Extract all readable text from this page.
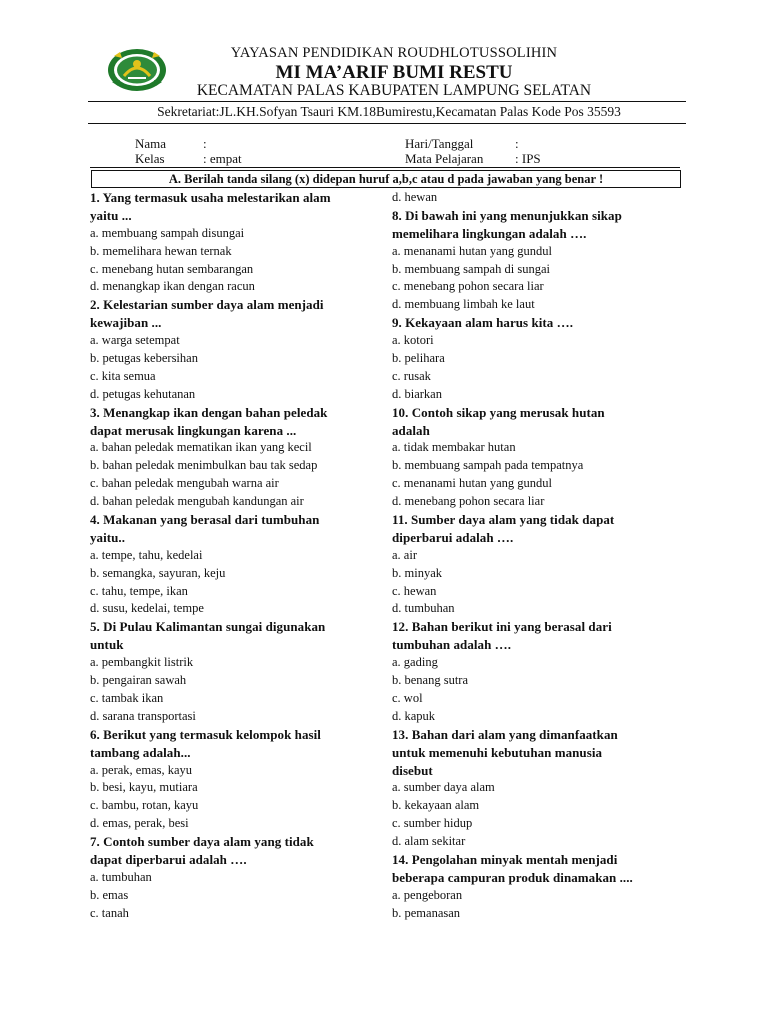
YAYASAN PENDIDIKAN ROUDHLOTUSSOLIHIN
MI MA’ARIF BUMI RESTU
KECAMATAN PALAS KABUPATEN LAMPUNG SELATAN
Sekretariat:JL.KH.Sofyan Tsauri KM.18Bumirestu,Kecamatan Palas Kode Pos 35593
Nama	:
Kelas	: empat
Hari/Tanggal	:
Mata Pelajaran : IPS
A. Berilah tanda silang (x) didepan huruf a,b,c atau d pada jawaban yang benar !
1. Yang termasuk usaha melestarikan alam
yaitu ...
a. membuang sampah disungai
b. memelihara hewan ternak
c. menebang hutan sembarangan
d. menangkap ikan dengan racun
2. Kelestarian sumber daya alam menjadi
kewajiban ...
a. warga setempat
b. petugas kebersihan
c. kita semua
d. petugas kehutanan
3. Menangkap ikan dengan bahan peledak
dapat merusak lingkungan karena ...
a. bahan peledak mematikan ikan yang kecil
b. bahan peledak menimbulkan bau tak sedap
c. bahan peledak mengubah warna air
d. bahan peledak mengubah kandungan air
4. Makanan yang berasal dari tumbuhan
yaitu..
a. tempe, tahu, kedelai
b. semangka, sayuran, keju
c. tahu, tempe, ikan
d. susu, kedelai, tempe
5. Di Pulau Kalimantan sungai digunakan
untuk
a. pembangkit listrik
b. pengairan sawah
c. tambak ikan
d. sarana transportasi
6. Berikut yang termasuk kelompok hasil
tambang adalah...
a. perak, emas, kayu
b. besi, kayu, mutiara
c. bambu, rotan, kayu
d. emas, perak, besi
7. Contoh sumber daya alam yang tidak
dapat diperbarui adalah ….
a. tumbuhan
b. emas
c. tanah
d. hewan
8. Di bawah ini yang menunjukkan sikap
memelihara lingkungan adalah ….
a. menanami hutan yang gundul
b. membuang sampah di sungai
c. menebang pohon secara liar
d. membuang limbah ke laut
9. Kekayaan alam harus kita ….
a. kotori
b. pelihara
c. rusak
d. biarkan
10. Contoh sikap yang merusak hutan
adalah
a. tidak membakar hutan
b. membuang sampah pada tempatnya
c. menanami hutan yang gundul
d. menebang pohon secara liar
11. Sumber daya alam yang tidak dapat
diperbarui adalah ….
a. air
b. minyak
c. hewan
d. tumbuhan
12. Bahan berikut ini yang berasal dari
tumbuhan adalah ….
a. gading
b. benang sutra
c. wol
d. kapuk
13. Bahan dari alam yang dimanfaatkan
untuk memenuhi kebutuhan manusia
disebut
a. sumber daya alam
b. kekayaan alam
c. sumber hidup
d. alam sekitar
14. Pengolahan minyak mentah menjadi
beberapa campuran produk dinamakan ....
a. pengeboran
b. pemanasan
